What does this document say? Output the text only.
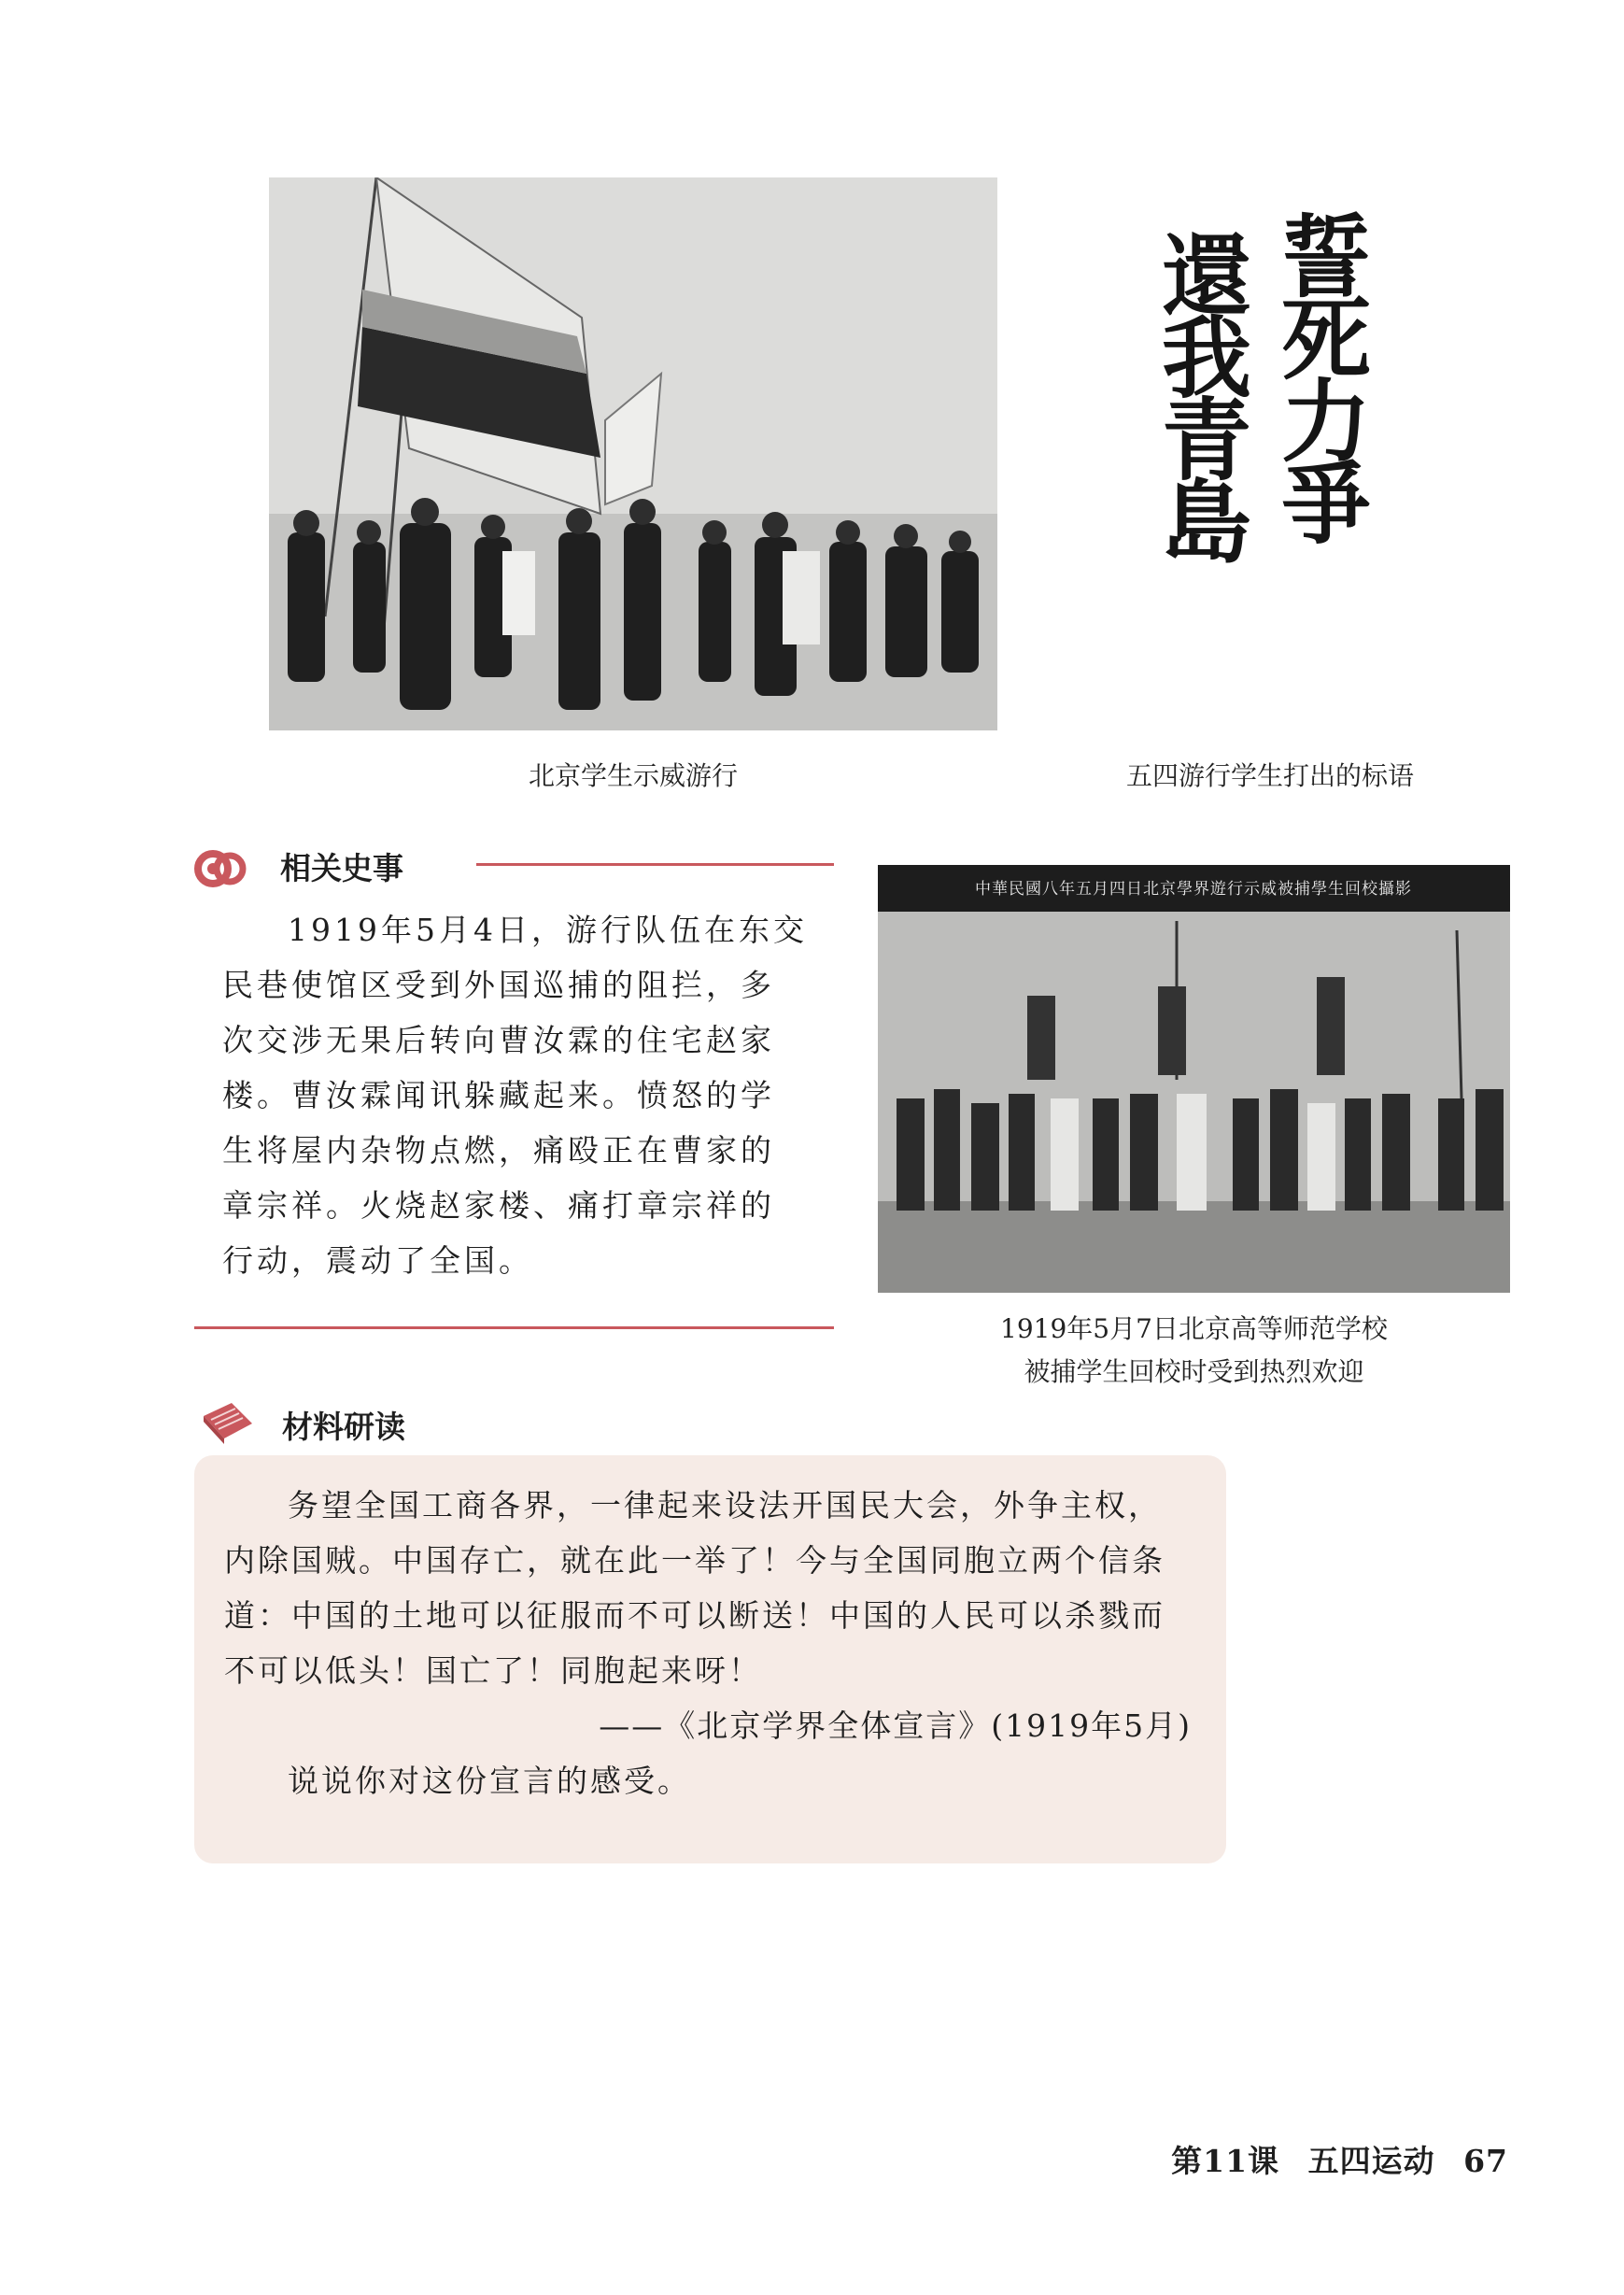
北京学生示威游行
誓
死
力
爭
還
我
青
島
五四游行学生打出的标语
相关史事

1919年5月4日，游行队伍在东交

民巷使馆区受到外国巡捕的阻拦，多

次交涉无果后转向曹汝霖的住宅赵家

楼。曹汝霖闻讯躲藏起来。愤怒的学

生将屋内杂物点燃，痛殴正在曹家的

章宗祥。火烧赵家楼、痛打章宗祥的

行动，震动了全国。

中華民國八年五月四日北京學界遊行示威被捕學生回校攝影
1919年5月7日北京高等师范学校
被捕学生回校时受到热烈欢迎
材料研读

务望全国工商各界，一律起来设法开国民大会，外争主权，

内除国贼。中国存亡，就在此一举了！今与全国同胞立两个信条

道：中国的土地可以征服而不可以断送！中国的人民可以杀戮而

不可以低头！国亡了！同胞起来呀！

——《北京学界全体宣言》(1919年5月)

说说你对这份宣言的感受。

第11课 五四运动 67
